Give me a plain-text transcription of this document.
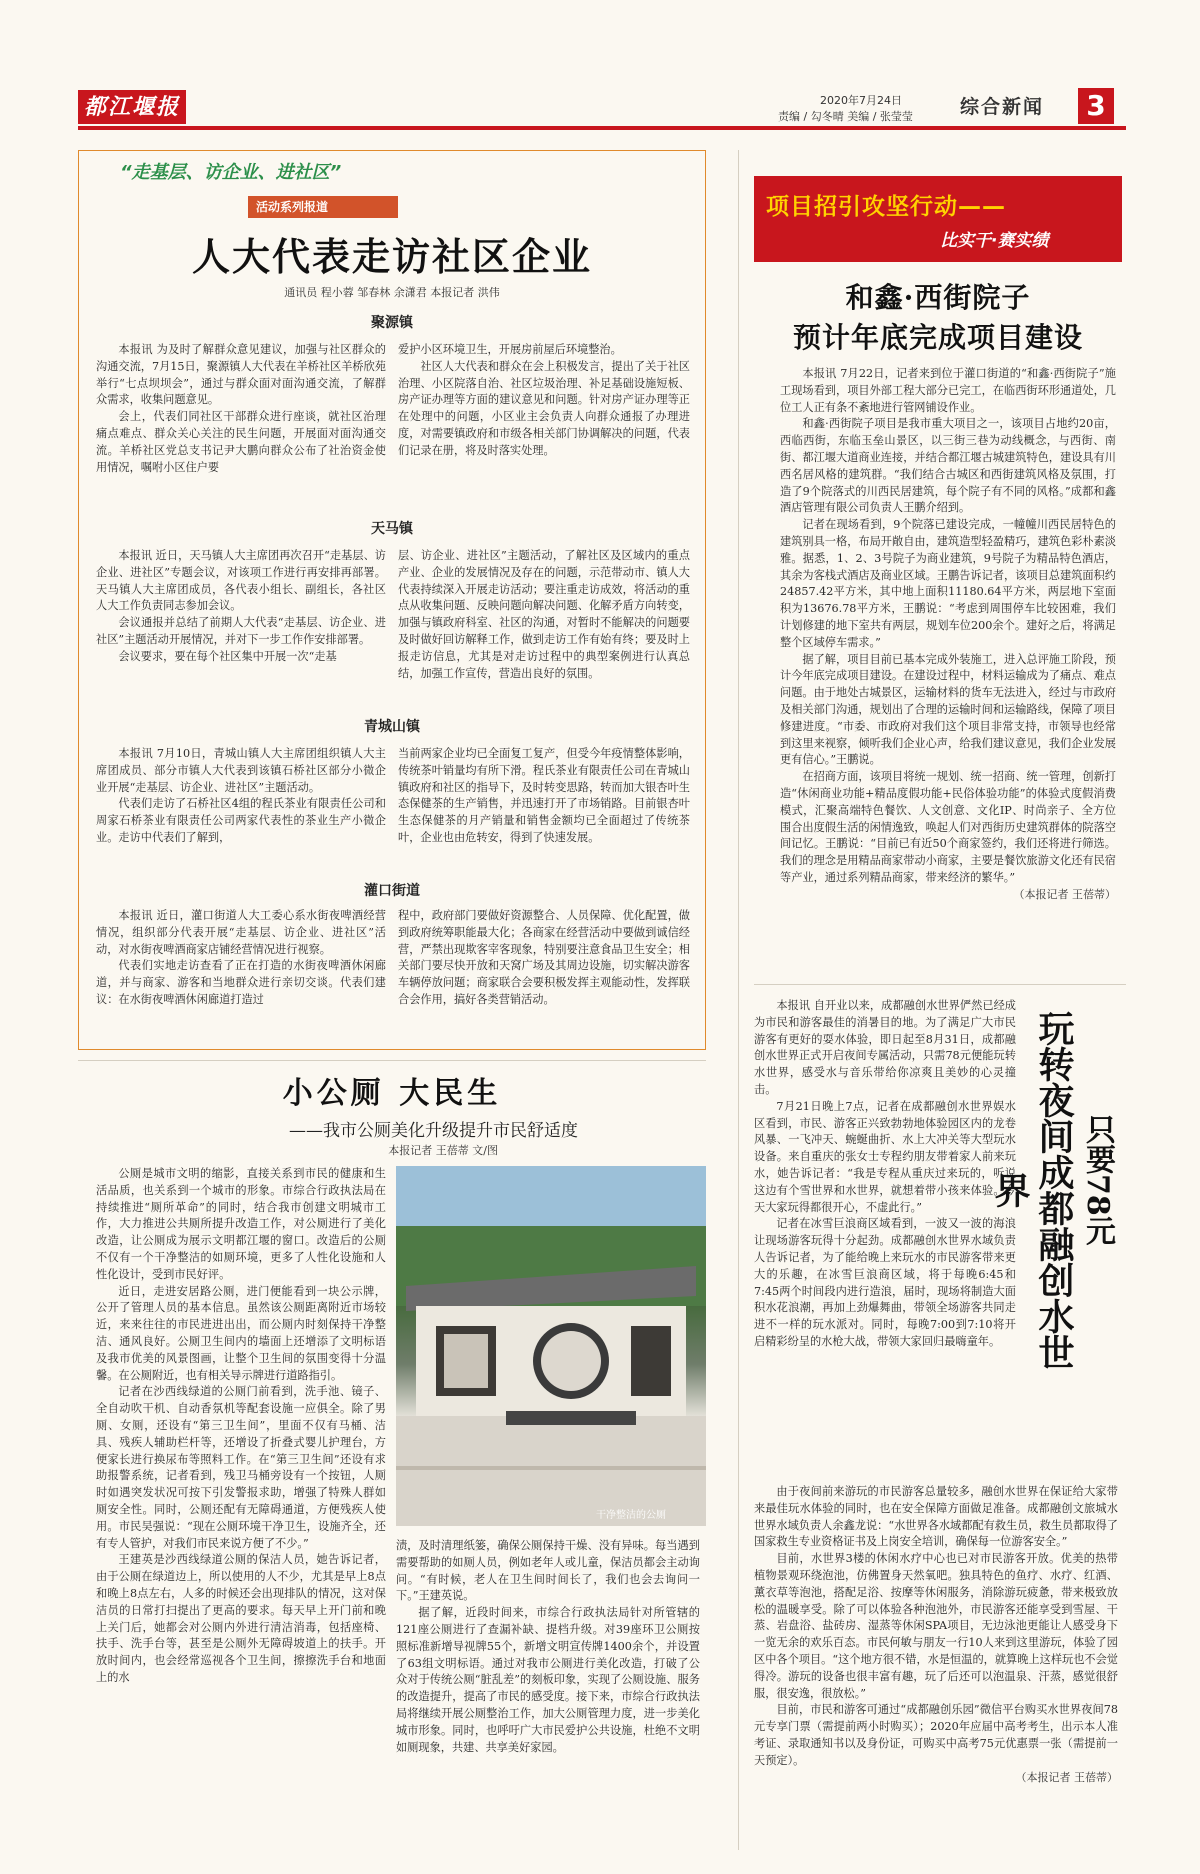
都江堰报	2020年7月24日
责编 / 勾冬晴 美编 / 张莹莹 综合新闻	3
“走基层、访企业、进社区”
活动系列报道
人大代表走访社区企业
通讯员 程小蓉 邹春林 余潇君 本报记者 洪伟
聚源镇

本报讯 为及时了解群众意见建议，加强与社区群众的沟通交流，7月15日，聚源镇人大代表在羊桥社区羊桥欣苑举行“七点坝坝会”，通过与群众面对面沟通交流，了解群众需求，收集问题意见。

会上，代表们同社区干部群众进行座谈，就社区治理痛点难点、群众关心关注的民生问题，开展面对面沟通交流。羊桥社区党总支书记尹大鹏向群众公布了社治资金使用情况，嘱咐小区住户要

爱护小区环境卫生，开展房前屋后环境整治。

社区人大代表和群众在会上积极发言，提出了关于社区治理、小区院落自治、社区垃圾治理、补足基础设施短板、房产证办理等方面的建议意见和问题。针对房产证办理等正在处理中的问题，小区业主会负责人向群众通报了办理进度，对需要镇政府和市级各相关部门协调解决的问题，代表们记录在册，将及时落实处理。

天马镇

本报讯 近日，天马镇人大主席团再次召开“走基层、访企业、进社区”专题会议，对该项工作进行再安排再部署。天马镇人大主席团成员，各代表小组长、副组长，各社区人大工作负责同志参加会议。

会议通报并总结了前期人大代表“走基层、访企业、进社区”主题活动开展情况，并对下一步工作作安排部署。

会议要求，要在每个社区集中开展一次“走基

层、访企业、进社区”主题活动，了解社区及区域内的重点产业、企业的发展情况及存在的问题，示范带动市、镇人大代表持续深入开展走访活动；要注重走访成效，将活动的重点从收集问题、反映问题向解决问题、化解矛盾方向转变，加强与镇政府科室、社区的沟通，对暂时不能解决的问题要及时做好回访解释工作，做到走访工作有始有终；要及时上报走访信息，尤其是对走访过程中的典型案例进行认真总结，加强工作宣传，营造出良好的氛围。

青城山镇

本报讯 7月10日，青城山镇人大主席团组织镇人大主席团成员、部分市镇人大代表到该镇石桥社区部分小微企业开展“走基层、访企业、进社区”主题活动。

代表们走访了石桥社区4组的程氏茶业有限责任公司和周家石桥茶业有限责任公司两家代表性的茶业生产小微企业。走访中代表们了解到，

当前两家企业均已全面复工复产，但受今年疫情整体影响，传统茶叶销量均有所下滑。程氏茶业有限责任公司在青城山镇政府和社区的指导下，及时转变思路，转而加大银杏叶生态保健茶的生产销售，并迅速打开了市场销路。目前银杏叶生态保健茶的月产销量和销售金额均已全面超过了传统茶叶，企业也由危转安，得到了快速发展。

灌口街道

本报讯 近日，灌口街道人大工委心系水街夜啤酒经营情况，组织部分代表开展“走基层、访企业、进社区”活动，对水街夜啤酒商家店铺经营情况进行视察。

代表们实地走访查看了正在打造的水街夜啤酒休闲廊道，并与商家、游客和当地群众进行亲切交谈。代表们建议：在水街夜啤酒休闲廊道打造过

程中，政府部门要做好资源整合、人员保障、优化配置，做到政府统筹职能最大化；各商家在经营活动中要做到诚信经营，严禁出现欺客宰客现象，特别要注意食品卫生安全；相关部门要尽快开放和天窝广场及其周边设施，切实解决游客车辆停放问题；商家联合会要积极发挥主观能动性，发挥联合会作用，搞好各类营销活动。

项目招引攻坚行动——
比实干·赛实绩
和鑫·西街院子
预计年底完成项目建设

本报讯 7月22日，记者来到位于灌口街道的“和鑫·西街院子”施工现场看到，项目外部工程大部分已完工，在临西街环形通道处，几位工人正有条不紊地进行管网铺设作业。

和鑫·西街院子项目是我市重大项目之一，该项目占地约20亩，西临西街，东临玉垒山景区，以三街三巷为动线概念，与西街、南街、都江堰大道商业连接，并结合都江堰古城建筑特色，建设具有川西名居风格的建筑群。“我们结合古城区和西街建筑风格及氛围，打造了9个院落式的川西民居建筑，每个院子有不同的风格。”成都和鑫酒店管理有限公司负责人王鹏介绍到。

记者在现场看到，9个院落已建设完成，一幢幢川西民居特色的建筑别具一格，布局开敞自由，建筑造型轻盈精巧，建筑色彩朴素淡雅。据悉，1、2、3号院子为商业建筑，9号院子为精品特色酒店，其余为客栈式酒店及商业区域。王鹏告诉记者，该项目总建筑面积约24857.42平方米，其中地上面积11180.64平方米，两层地下室面积为13676.78平方米，王鹏说：“考虑到周围停车比较困难，我们计划修建的地下室共有两层，规划车位200余个。建好之后，将满足整个区域停车需求。”

据了解，项目目前已基本完成外装施工，进入总评施工阶段，预计今年底完成项目建设。在建设过程中，材料运输成为了痛点、难点问题。由于地处古城景区，运输材料的货车无法进入，经过与市政府及相关部门沟通，规划出了合理的运输时间和运输路线，保障了项目修建进度。“市委、市政府对我们这个项目非常支持，市领导也经常到这里来视察，倾听我们企业心声，给我们建议意见，我们企业发展更有信心。”王鹏说。

在招商方面，该项目将统一规划、统一招商、统一管理，创新打造“休闲商业功能+精品度假功能+民俗体验功能”的体验式度假消费模式，汇聚高端特色餐饮、人文创意、文化IP、时尚亲子、全方位围合出度假生活的闲情逸致，唤起人们对西街历史建筑群体的院落空间记忆。王鹏说：“目前已有近50个商家签约，我们还将进行筛选。我们的理念是用精品商家带动小商家，主要是餐饮旅游文化还有民宿等产业，通过系列精品商家，带来经济的繁华。”

（本报记者 王蓓蒂）
小公厕 大民生
——我市公厕美化升级提升市民舒适度
本报记者 王蓓蒂 文/图
干净整洁的公厕

公厕是城市文明的缩影，直接关系到市民的健康和生活品质，也关系到一个城市的形象。市综合行政执法局在持续推进“厕所革命”的同时，结合我市创建文明城市工作，大力推进公共厕所提升改造工作，对公厕进行了美化改造，让公厕成为展示文明都江堰的窗口。改造后的公厕不仅有一个干净整洁的如厕环境，更多了人性化设施和人性化设计，受到市民好评。

近日，走进安居路公厕，进门便能看到一块公示牌，公开了管理人员的基本信息。虽然该公厕距离附近市场较近，来来往往的市民进进出出，而公厕内时刻保持干净整洁、通风良好。公厕卫生间内的墙面上还增添了文明标语及我市优美的风景图画，让整个卫生间的氛围变得十分温馨。在公厕附近，也有相关导示牌进行道路指引。

记者在沙西线绿道的公厕门前看到，洗手池、镜子、全自动吹干机、自动香氛机等配套设施一应俱全。除了男厕、女厕，还设有“第三卫生间”，里面不仅有马桶、洁具、残疾人辅助栏杆等，还增设了折叠式婴儿护理台，方便家长进行换尿布等照料工作。在“第三卫生间”还设有求助报警系统，记者看到，残卫马桶旁设有一个按钮，人厕时如遇突发状况可按下引发警报求助，增强了特殊人群如厕安全性。同时，公厕还配有无障碍通道，方便残疾人使用。市民吴强说：“现在公厕环境干净卫生，设施齐全，还有专人管护，对我们市民来说方便了不少。”

王建英是沙西线绿道公厕的保洁人员，她告诉记者，由于公厕在绿道边上，所以使用的人不少，尤其是早上8点和晚上8点左右，人多的时候还会出现排队的情况，这对保洁员的日常打扫提出了更高的要求。每天早上开门前和晚上关门后，她都会对公厕内外进行清洁消毒，包括座椅、扶手、洗手台等，甚至是公厕外无障碍坡道上的扶手。开放时间内，也会经常巡视各个卫生间，擦擦洗手台和地面上的水

渍，及时清理纸篓，确保公厕保持干燥、没有异味。每当遇到需要帮助的如厕人员，例如老年人或儿童，保洁员都会主动询问。“有时候，老人在卫生间时间长了，我们也会去询问一下。”王建英说。

据了解，近段时间来，市综合行政执法局针对所管辖的121座公厕进行了查漏补缺、提档升级。对39座环卫公厕按照标准新增导视牌55个，新增文明宣传牌1400余个，并设置了63组文明标语。通过对我市公厕进行美化改造，打破了公众对于传统公厕“脏乱差”的刻板印象，实现了公厕设施、服务的改造提升，提高了市民的感受度。接下来，市综合行政执法局将继续开展公厕整治工作，加大公厕管理力度，进一步美化城市形象。同时，也呼吁广大市民爱护公共设施，杜绝不文明如厕现象，共建、共享美好家园。

本报讯 自开业以来，成都融创水世界俨然已经成为市民和游客最佳的消暑目的地。为了满足广大市民游客有更好的耍水体验，即日起至8月31日，成都融创水世界正式开启夜间专属活动，只需78元便能玩转水世界，感受水与音乐带给你凉爽且美妙的心灵撞击。

7月21日晚上7点，记者在成都融创水世界娱水区看到，市民、游客正兴致勃勃地体验园区内的龙卷风暴、一飞冲天、蜿蜒曲折、水上大冲关等大型玩水设备。来自重庆的张女士专程约朋友带着家人前来玩水，她告诉记者：“我是专程从重庆过来玩的，听说这边有个雪世界和水世界，就想着带小孩来体验。今天大家玩得都很开心，不虚此行。”

记者在冰雪巨浪商区域看到，一波又一波的海浪让现场游客玩得十分起劲。成都融创水世界水域负责人告诉记者，为了能给晚上来玩水的市民游客带来更大的乐趣，在冰雪巨浪商区域，将于每晚6:45和7:45两个时间段内进行造浪，届时，现场将制造大面积水花浪潮，再加上劲爆舞曲，带领全场游客共同走进不一样的玩水派对。同时，每晚7:00到7:10将开启精彩纷呈的水枪大战，带领大家回归最嗨童年。 玩转夜间成都融创水世界	只要78元

由于夜间前来游玩的市民游客总量较多，融创水世界在保证给大家带来最佳玩水体验的同时，也在安全保障方面做足准备。成都融创文旅城水世界水域负责人余鑫龙说：“水世界各水域都配有救生员，救生员都取得了国家救生专业资格证书及上岗安全培训，确保每一位游客安全。”

目前，水世界3楼的休闲水疗中心也已对市民游客开放。优美的热带植物景观环绕泡池，仿佛置身天然氧吧。独具特色的鱼疗、水疗、红酒、薰衣草等泡池，搭配足浴、按摩等休闲服务，消除游玩疲惫，带来极致放松的温暖享受。除了可以体验各种泡池外，市民游客还能享受到雪屋、干蒸、岩盘浴、盐砖房、湿蒸等休闲SPA项目，无边泳池更能让人感受身下一览无余的欢乐百态。市民何敏与朋友一行10人来到这里游玩，体验了园区中各个项目。“这个地方很不错，水是恒温的，就算晚上这样玩也不会觉得冷。游玩的设备也很丰富有趣，玩了后还可以泡温泉、汗蒸，感觉很舒服，很安逸，很放松。”

目前，市民和游客可通过“成都融创乐园”微信平台购买水世界夜间78元专享门票（需提前两小时购买）；2020年应届中高考考生，出示本人准考证、录取通知书以及身份证，可购买中高考75元优惠票一张（需提前一天预定）。

（本报记者 王蓓蒂）
